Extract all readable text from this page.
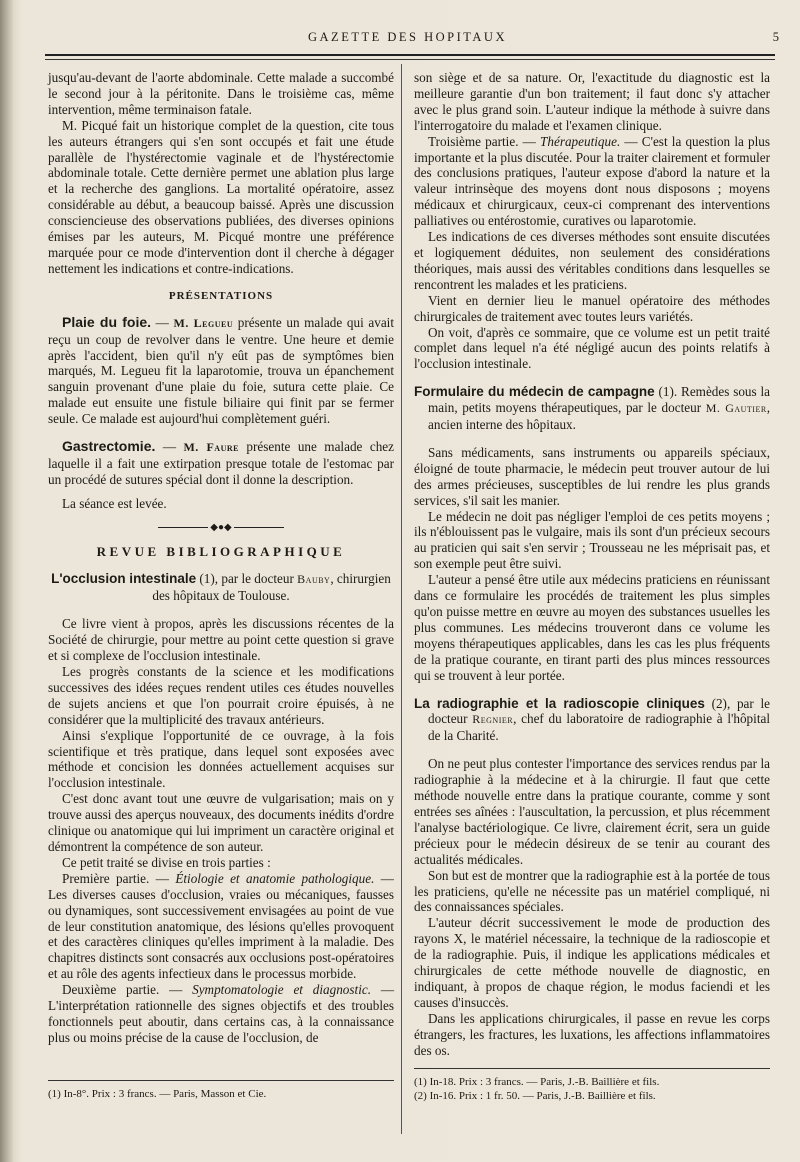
GAZETTE DES HOPITAUX	5

jusqu'au-devant de l'aorte abdominale. Cette malade a succombé le second jour à la péritonite. Dans le troisième cas, même intervention, même terminaison fatale.

M. Picqué fait un historique complet de la question, cite tous les auteurs étrangers qui s'en sont occupés et fait une étude parallèle de l'hystérectomie vaginale et de l'hystérectomie abdominale totale. Cette dernière permet une ablation plus large et la recherche des ganglions. La mortalité opératoire, assez considérable au début, a beaucoup baissé. Après une discussion consciencieuse des observations publiées, des diverses opinions émises par les auteurs, M. Picqué montre une préférence marquée pour ce mode d'intervention dont il cherche à dégager nettement les indications et contre-indications.

PRÉSENTATIONS

Plaie du foie. — M. Legueu présente un malade qui avait reçu un coup de revolver dans le ventre. Une heure et demie après l'accident, bien qu'il n'y eût pas de symptômes bien marqués, M. Legueu fit la laparotomie, trouva un épanchement sanguin provenant d'une plaie du foie, sutura cette plaie. Ce malade eut ensuite une fistule biliaire qui finit par se fermer seule. Ce malade est aujourd'hui complètement guéri.

Gastrectomie. — M. Faure présente une malade chez laquelle il a fait une extirpation presque totale de l'estomac par un procédé de sutures spécial dont il donne la description.

La séance est levée.

◆●◆
REVUE BIBLIOGRAPHIQUE

L'occlusion intestinale (1), par le docteur Bauby, chirurgien des hôpitaux de Toulouse.

Ce livre vient à propos, après les discussions récentes de la Société de chirurgie, pour mettre au point cette question si grave et si complexe de l'occlusion intestinale.

Les progrès constants de la science et les modifications successives des idées reçues rendent utiles ces études nouvelles de sujets anciens et que l'on pourrait croire épuisés, à ne considérer que la multiplicité des travaux antérieurs.

Ainsi s'explique l'opportunité de ce ouvrage, à la fois scientifique et très pratique, dans lequel sont exposées avec méthode et concision les données actuellement acquises sur l'occlusion intestinale.

C'est donc avant tout une œuvre de vulgarisation; mais on y trouve aussi des aperçus nouveaux, des documents inédits d'ordre clinique ou anatomique qui lui impriment un caractère original et démontrent la compétence de son auteur.

Ce petit traité se divise en trois parties :

Première partie. — Étiologie et anatomie pathologique. — Les diverses causes d'occlusion, vraies ou mécaniques, fausses ou dynamiques, sont successivement envisagées au point de vue de leur constitution anatomique, des lésions qu'elles provoquent et des caractères cliniques qu'elles impriment à la maladie. Des chapitres distincts sont consacrés aux occlusions post-opératoires et au rôle des agents infectieux dans le processus morbide.

Deuxième partie. — Symptomatologie et diagnostic. — L'interprétation rationnelle des signes objectifs et des troubles fonctionnels peut aboutir, dans certains cas, à la connaissance plus ou moins précise de la cause de l'occlusion, de

(1) In-8°. Prix : 3 francs. — Paris, Masson et Cie.

son siège et de sa nature. Or, l'exactitude du diagnostic est la meilleure garantie d'un bon traitement; il faut donc s'y attacher avec le plus grand soin. L'auteur indique la méthode à suivre dans l'interrogatoire du malade et l'examen clinique.

Troisième partie. — Thérapeutique. — C'est la question la plus importante et la plus discutée. Pour la traiter clairement et formuler des conclusions pratiques, l'auteur expose d'abord la nature et la valeur intrinsèque des moyens dont nous disposons ; moyens médicaux et chirurgicaux, ceux-ci comprenant des interventions palliatives ou entérostomie, curatives ou laparotomie.

Les indications de ces diverses méthodes sont ensuite discutées et logiquement déduites, non seulement des considérations théoriques, mais aussi des véritables conditions dans lesquelles se rencontrent les malades et les praticiens.

Vient en dernier lieu le manuel opératoire des méthodes chirurgicales de traitement avec toutes leurs variétés.

On voit, d'après ce sommaire, que ce volume est un petit traité complet dans lequel n'a été négligé aucun des points relatifs à l'occlusion intestinale.

Formulaire du médecin de campagne (1). Remèdes sous la main, petits moyens thérapeutiques, par le docteur M. Gautier, ancien interne des hôpitaux.

Sans médicaments, sans instruments ou appareils spéciaux, éloigné de toute pharmacie, le médecin peut trouver autour de lui des armes précieuses, susceptibles de lui rendre les plus grands services, s'il sait les manier.

Le médecin ne doit pas négliger l'emploi de ces petits moyens ; ils n'éblouissent pas le vulgaire, mais ils sont d'un précieux secours au praticien qui sait s'en servir ; Trousseau ne les méprisait pas, et son exemple peut être suivi.

L'auteur a pensé être utile aux médecins praticiens en réunissant dans ce formulaire les procédés de traitement les plus simples qu'on puisse mettre en œuvre au moyen des substances usuelles les plus communes. Les médecins trouveront dans ce volume les moyens thérapeutiques applicables, dans les cas les plus fréquents de la pratique courante, en tirant parti des plus minces ressources qui se trouvent à leur portée.

La radiographie et la radioscopie cliniques (2), par le docteur Regnier, chef du laboratoire de radiographie à l'hôpital de la Charité.

On ne peut plus contester l'importance des services rendus par la radiographie à la médecine et à la chirurgie. Il faut que cette méthode nouvelle entre dans la pratique courante, comme y sont entrées ses aînées : l'auscultation, la percussion, et plus récemment l'analyse bactériologique. Ce livre, clairement écrit, sera un guide précieux pour le médecin désireux de se tenir au courant des actualités médicales.

Son but est de montrer que la radiographie est à la portée de tous les praticiens, qu'elle ne nécessite pas un matériel compliqué, ni des connaissances spéciales.

L'auteur décrit successivement le mode de production des rayons X, le matériel nécessaire, la technique de la radioscopie et de la radiographie. Puis, il indique les applications médicales et chirurgicales de cette méthode nouvelle de diagnostic, en indiquant, à propos de chaque région, le modus faciendi et les causes d'insuccès.

Dans les applications chirurgicales, il passe en revue les corps étrangers, les fractures, les luxations, les affections inflammatoires des os.

(1) In-18. Prix : 3 francs. — Paris, J.-B. Baillière et fils.
(2) In-16. Prix : 1 fr. 50. — Paris, J.-B. Baillière et fils.
